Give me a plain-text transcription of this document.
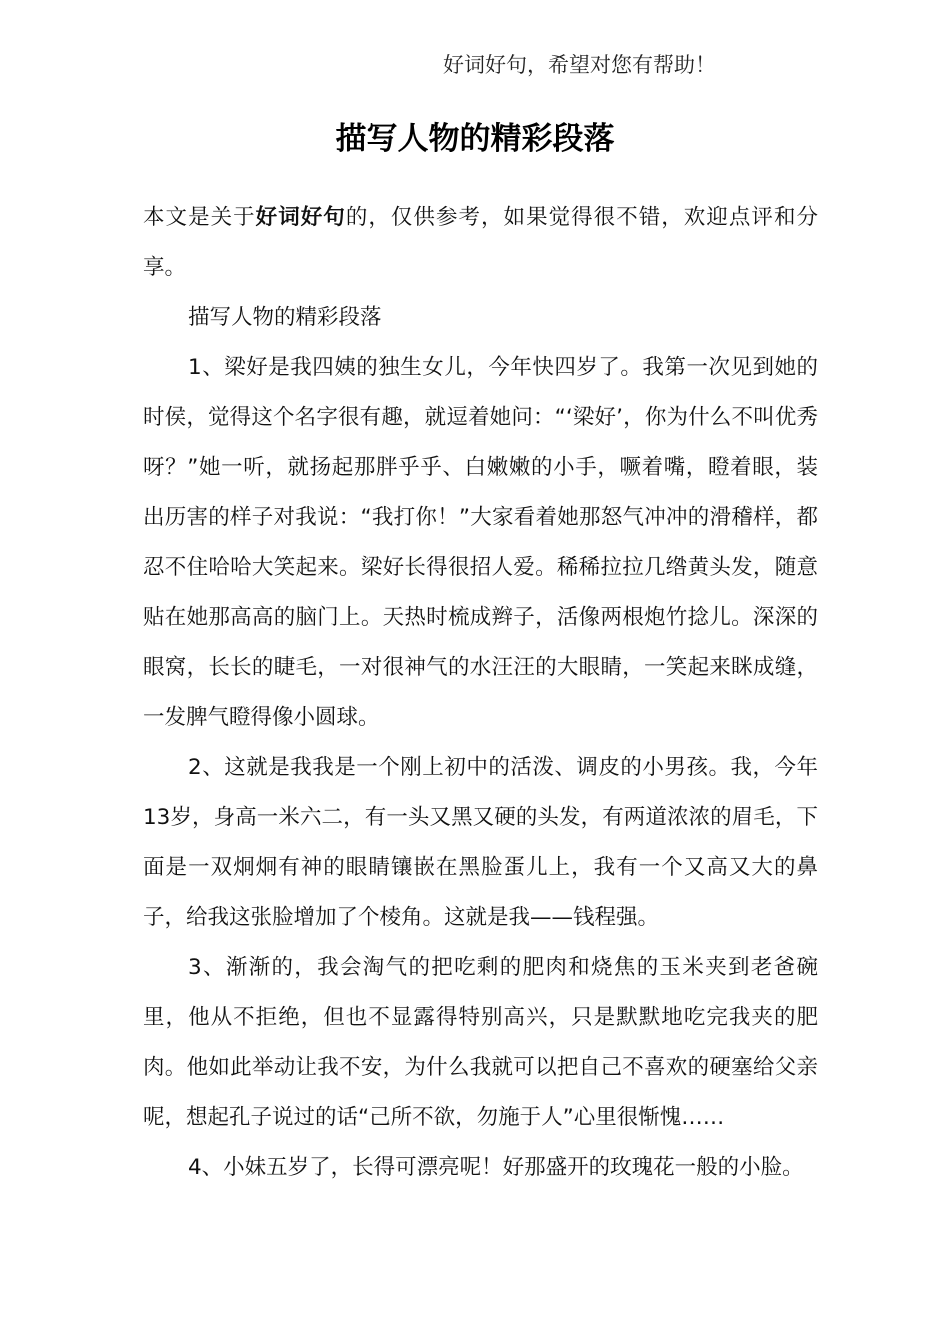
好词好句，希望对您有帮助！
描写人物的精彩段落

本文是关于好词好句的，仅供参考，如果觉得很不错，欢迎点评和分享。

描写人物的精彩段落

1、梁好是我四姨的独生女儿，今年快四岁了。我第一次见到她的时侯，觉得这个名字很有趣，就逗着她问：“‘梁好’，你为什么不叫优秀呀？”她一听，就扬起那胖乎乎、白嫩嫩的小手，噘着嘴，瞪着眼，装出历害的样子对我说：“我打你！”大家看着她那怒气冲冲的滑稽样，都忍不住哈哈大笑起来。梁好长得很招人爱。稀稀拉拉几绺黄头发，随意贴在她那高高的脑门上。天热时梳成辫子，活像两根炮竹捻儿。深深的眼窝，长长的睫毛，一对很神气的水汪汪的大眼睛，一笑起来眯成缝，一发脾气瞪得像小圆球。

2、这就是我我是一个刚上初中的活泼、调皮的小男孩。我，今年13岁，身高一米六二，有一头又黑又硬的头发，有两道浓浓的眉毛，下面是一双炯炯有神的眼睛镶嵌在黑脸蛋儿上，我有一个又高又大的鼻子，给我这张脸增加了个棱角。这就是我——钱程强。

3、渐渐的，我会淘气的把吃剩的肥肉和烧焦的玉米夹到老爸碗里，他从不拒绝，但也不显露得特别高兴，只是默默地吃完我夹的肥肉。他如此举动让我不安，为什么我就可以把自己不喜欢的硬塞给父亲呢，想起孔子说过的话“己所不欲，勿施于人”心里很惭愧……

4、小妹五岁了，长得可漂亮呢！好那盛开的玫瑰花一般的小脸。
